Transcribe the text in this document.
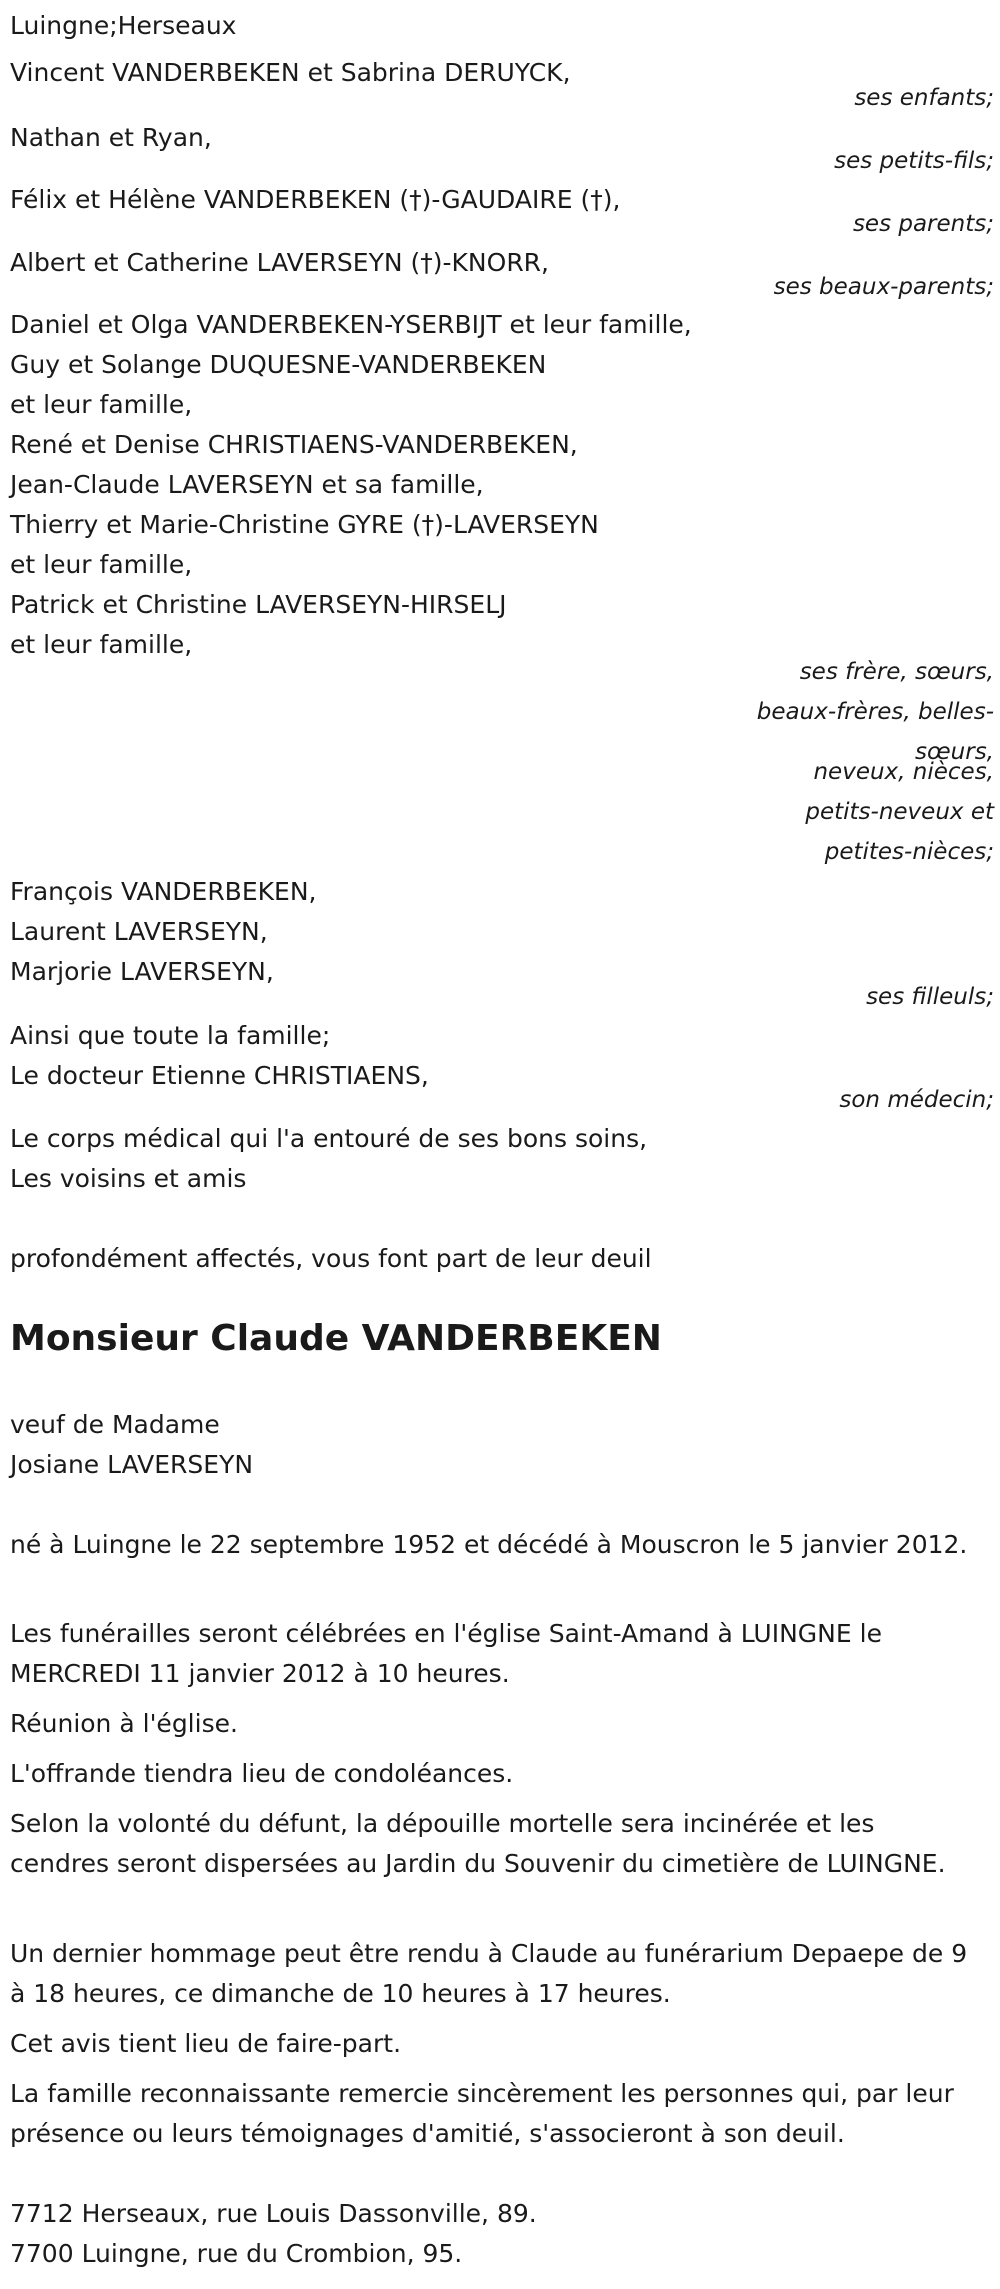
Luingne;Herseaux
Vincent VANDERBEKEN et Sabrina DERUYCK,
ses enfants;
Nathan et Ryan,
ses petits-fils;
Félix et Hélène VANDERBEKEN (†)-GAUDAIRE (†),
ses parents;
Albert et Catherine LAVERSEYN (†)-KNORR,
ses beaux-parents;
Daniel et Olga VANDERBEKEN-YSERBIJT et leur famille,
Guy et Solange DUQUESNE-VANDERBEKEN
et leur famille,
René et Denise CHRISTIAENS-VANDERBEKEN,
Jean-Claude LAVERSEYN et sa famille,
Thierry et Marie-Christine GYRE (†)-LAVERSEYN
et leur famille,
Patrick et Christine LAVERSEYN-HIRSELJ
et leur famille,
ses frère, sœurs,
beaux-frères, belles-
sœurs,
neveux, nièces,
petits-neveux et
petites-nièces;
François VANDERBEKEN,
Laurent LAVERSEYN,
Marjorie LAVERSEYN,
ses filleuls;
Ainsi que toute la famille;
Le docteur Etienne CHRISTIAENS,
son médecin;
Le corps médical qui l'a entouré de ses bons soins,
Les voisins et amis
profondément affectés, vous font part de leur deuil
Monsieur Claude VANDERBEKEN
veuf de Madame
Josiane LAVERSEYN
né à Luingne le 22 septembre 1952 et décédé à Mouscron le 5 janvier 2012.
Les funérailles seront célébrées en l'église Saint-Amand à LUINGNE le MERCREDI 11 janvier 2012 à 10 heures.
Réunion à l'église.
L'offrande tiendra lieu de condoléances.
Selon la volonté du défunt, la dépouille mortelle sera incinérée et les cendres seront dispersées au Jardin du Souvenir du cimetière de LUINGNE.
Un dernier hommage peut être rendu à Claude au funérarium Depaepe de 9 à 18 heures, ce dimanche de 10 heures à 17 heures.
Cet avis tient lieu de faire-part.
La famille reconnaissante remercie sincèrement les personnes qui, par leur présence ou leurs témoignages d'amitié, s'associeront à son deuil.
7712 Herseaux, rue Louis Dassonville, 89.
7700 Luingne, rue du Crombion, 95.
